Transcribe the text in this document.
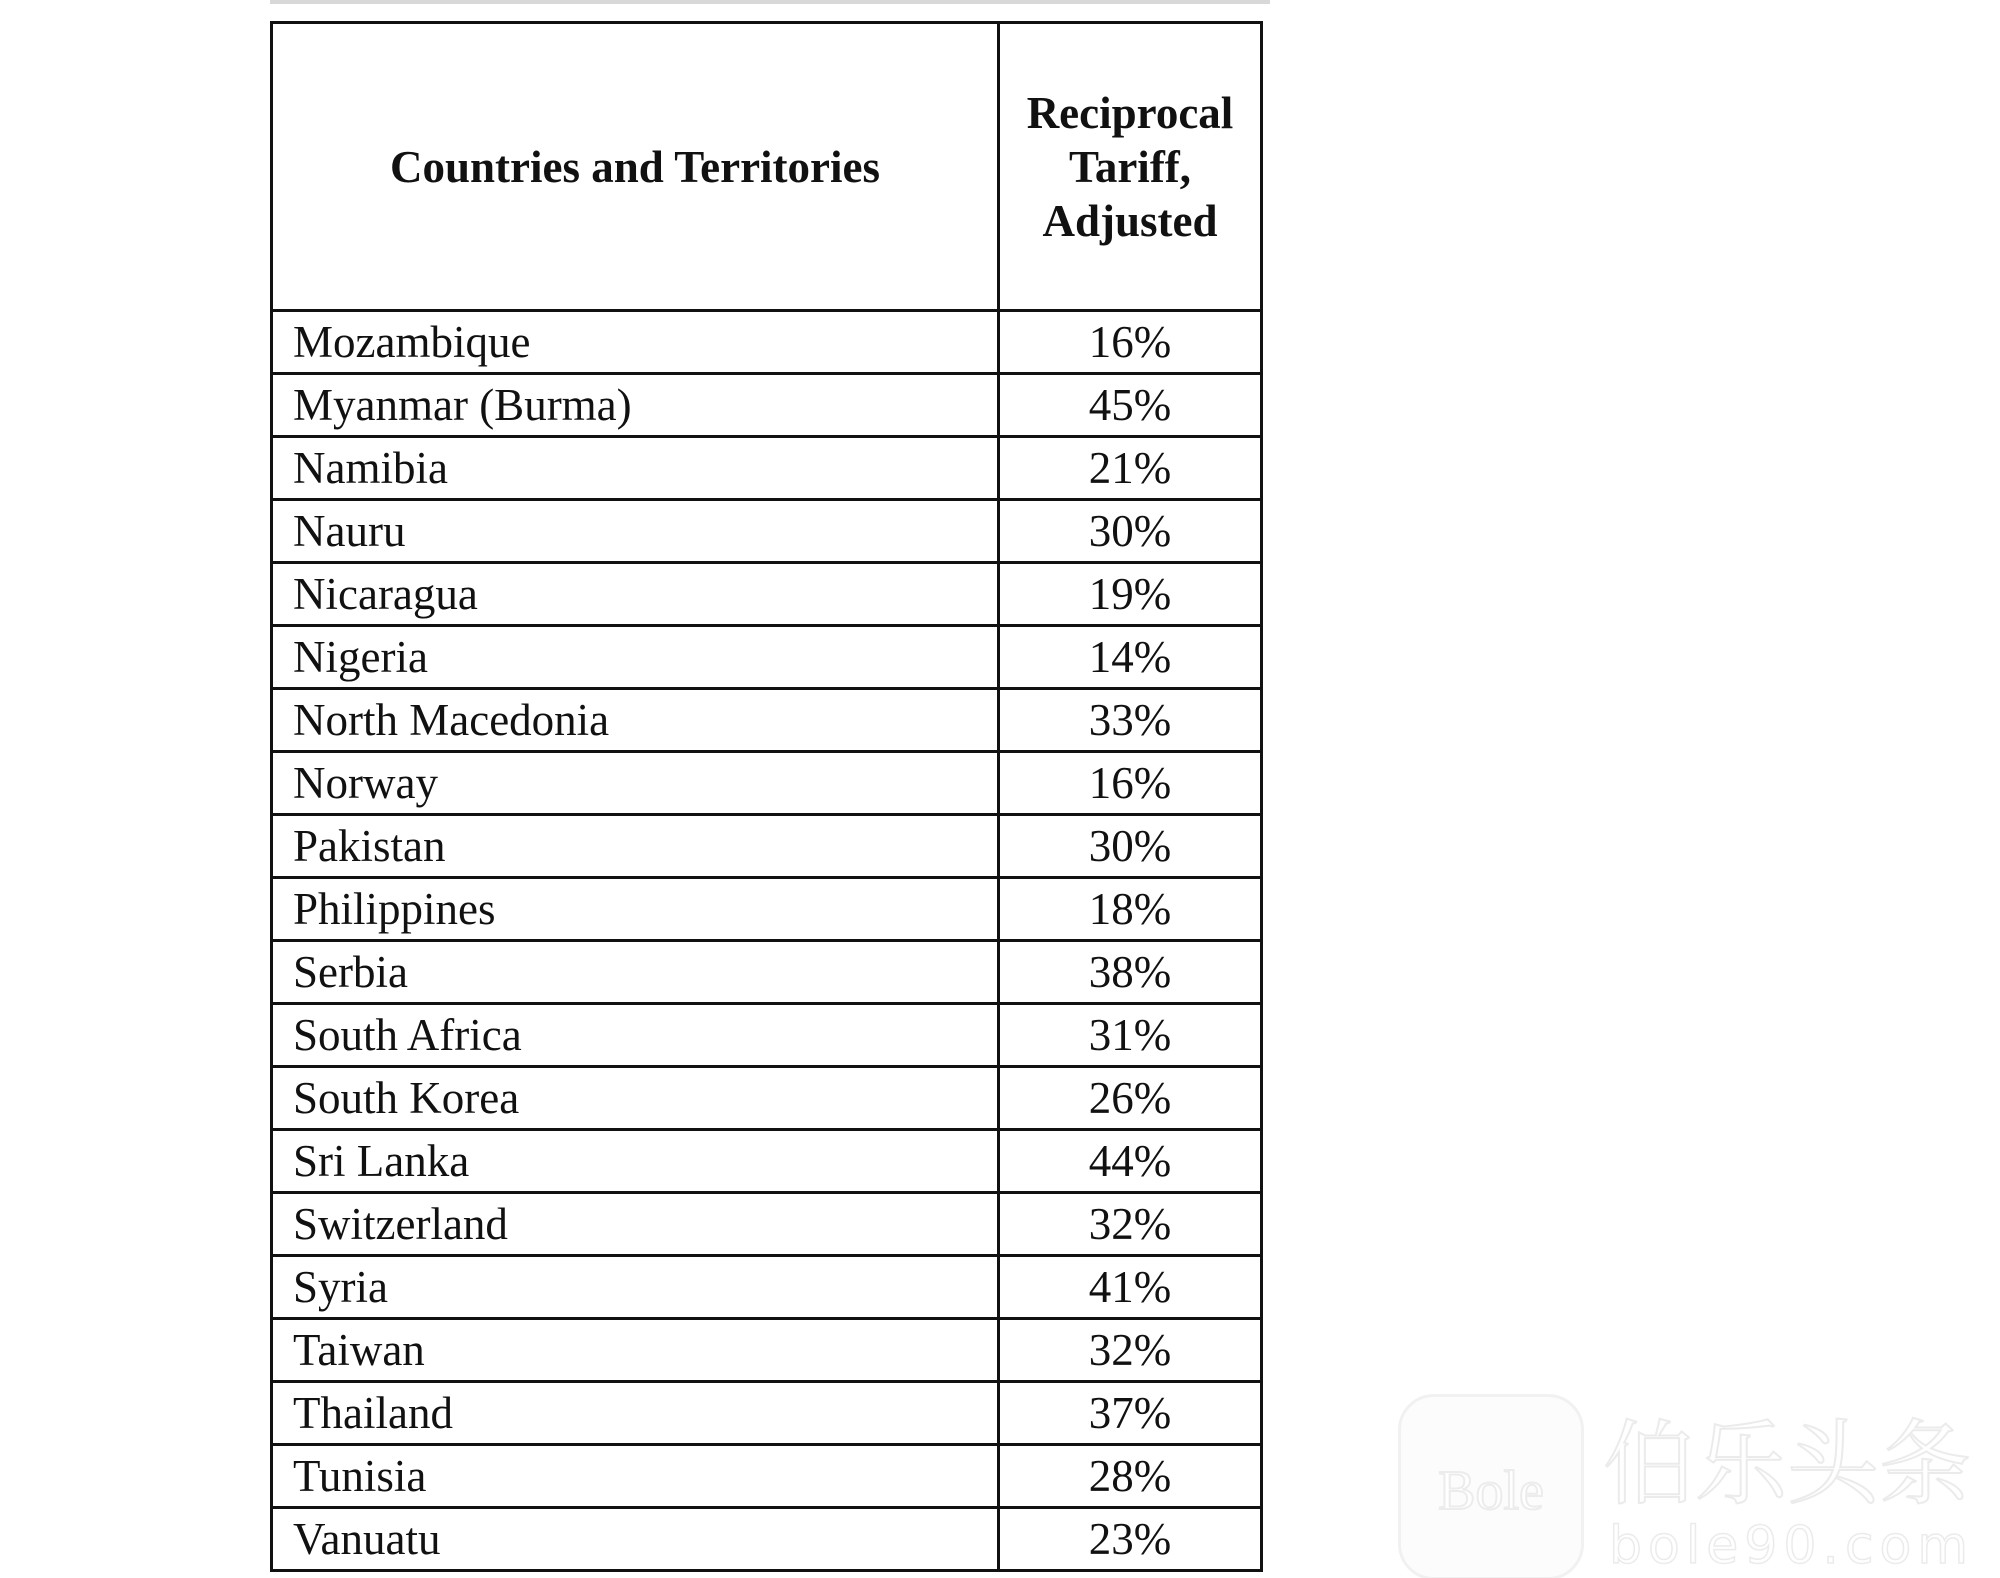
Countries and Territories	Reciprocal
Tariff,
Adjusted
Mozambique	16%
Myanmar (Burma)	45%
Namibia	21%
Nauru	30%
Nicaragua	19%
Nigeria	14%
North Macedonia	33%
Norway	16%
Pakistan	30%
Philippines	18%
Serbia	38%
South Africa	31%
South Korea	26%
Sri Lanka	44%
Switzerland	32%
Syria	41%
Taiwan	32%
Thailand	37%
Tunisia	28%
Vanuatu	23%
Bole 伯乐头条
bole90.com
